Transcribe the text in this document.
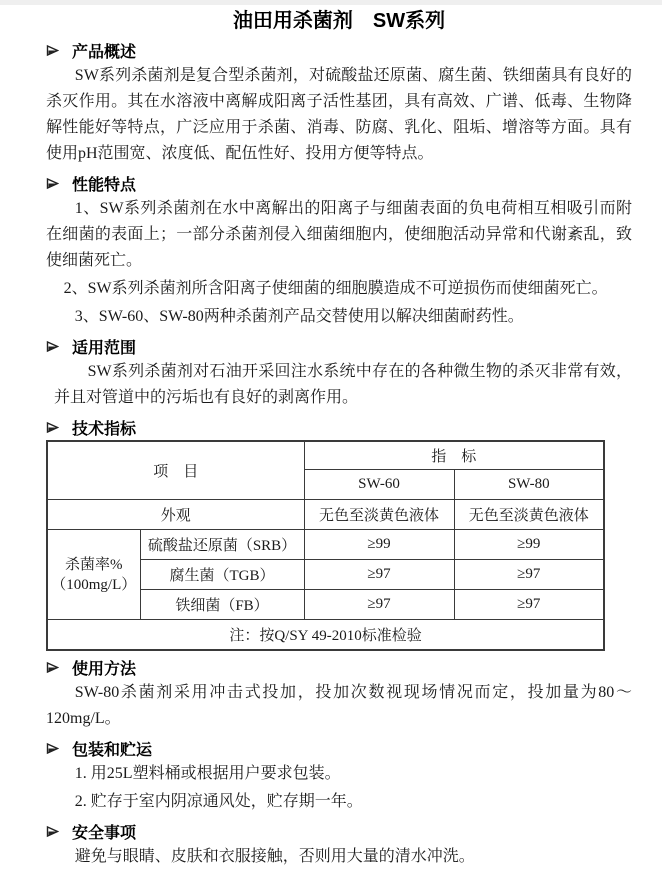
油田用杀菌剂　SW系列
产品概述

SW系列杀菌剂是复合型杀菌剂，对硫酸盐还原菌、腐生菌、铁细菌具有良好的杀灭作用。其在水溶液中离解成阳离子活性基团，具有高效、广谱、低毒、生物降解性能好等特点，广泛应用于杀菌、消毒、防腐、乳化、阻垢、增溶等方面。具有使用pH范围宽、浓度低、配伍性好、投用方便等特点。

性能特点

1、SW系列杀菌剂在水中离解出的阳离子与细菌表面的负电荷相互相吸引而附在细菌的表面上；一部分杀菌剂侵入细菌细胞内，使细胞活动异常和代谢紊乱，致使细菌死亡。

2、SW系列杀菌剂所含阳离子使细菌的细胞膜造成不可逆损伤而使细菌死亡。

3、SW-60、SW-80两种杀菌剂产品交替使用以解决细菌耐药性。

适用范围

SW系列杀菌剂对石油开采回注水系统中存在的各种微生物的杀灭非常有效，并且对管道中的污垢也有良好的剥离作用。

技术指标
项　目		指　标	
		SW-60	SW-80
外观		无色至淡黄色液体	无色至淡黄色液体

杀菌率%
（100mg/L）	硫酸盐还原菌（SRB）	≥99	≥99
	腐生菌（TGB）	≥97	≥97
	铁细菌（FB）	≥97	≥97
注：按Q/SY 49-2010标准检验			
使用方法

SW-80杀菌剂采用冲击式投加，投加次数视现场情况而定，投加量为80～120mg/L。

包装和贮运

1. 用25L塑料桶或根据用户要求包装。

2. 贮存于室内阴凉通风处，贮存期一年。

安全事项

避免与眼睛、皮肤和衣服接触，否则用大量的清水冲洗。
